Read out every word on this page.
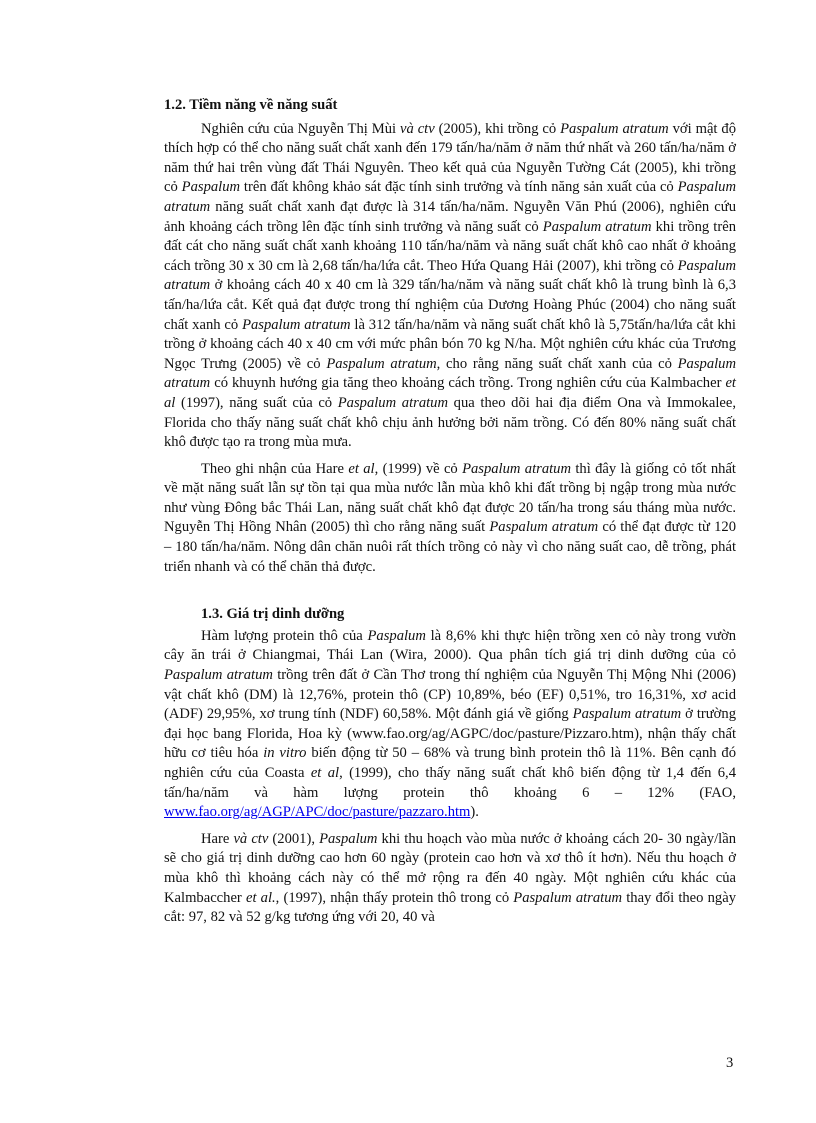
1.2. Tiềm năng về năng suất

Nghiên cứu của Nguyễn Thị Mùi và ctv (2005), khi trồng cỏ Paspalum atratum với mật độ thích hợp có thể cho năng suất chất xanh đến 179 tấn/ha/năm ở năm thứ nhất và 260 tấn/ha/năm ở năm thứ hai trên vùng đất Thái Nguyên. Theo kết quả của Nguyễn Tường Cát (2005), khi trồng cỏ Paspalum trên đất không khảo sát đặc tính sinh trưởng và tính năng sản xuất của cỏ Paspalum atratum năng suất chất xanh đạt được là 314 tấn/ha/năm. Nguyễn Văn Phú (2006), nghiên cứu ảnh khoảng cách trồng lên đặc tính sinh trưởng và năng suất cỏ Paspalum atratum khi trồng trên đất cát cho năng suất chất xanh khoảng 110 tấn/ha/năm và năng suất chất khô cao nhất ở khoảng cách trồng 30 x 30 cm là 2,68 tấn/ha/lứa cắt. Theo Hứa Quang Hải (2007), khi trồng cỏ Paspalum atratum ở khoảng cách 40 x 40 cm là 329 tấn/ha/năm và năng suất chất khô là trung bình là 6,3 tấn/ha/lứa cắt. Kết quả đạt được trong thí nghiệm của Dương Hoàng Phúc (2004) cho năng suất chất xanh cỏ Paspalum atratum là 312 tấn/ha/năm và năng suất chất khô là 5,75tấn/ha/lứa cắt khi trồng ở khoảng cách 40 x 40 cm với mức phân bón 70 kg N/ha. Một nghiên cứu khác của Trương Ngọc Trưng (2005) về cỏ Paspalum atratum, cho rằng năng suất chất xanh của cỏ Paspalum atratum có khuynh hướng gia tăng theo khoảng cách trồng. Trong nghiên cứu của Kalmbacher et al (1997), năng suất của cỏ Paspalum atratum qua theo dõi hai địa điểm Ona và Immokalee, Florida cho thấy năng suất chất khô chịu ảnh hưởng bởi năm trồng. Có đến 80% năng suất chất khô được tạo ra trong mùa mưa.

Theo ghi nhận của Hare et al, (1999) về cỏ Paspalum atratum thì đây là giống cỏ tốt nhất về mặt năng suất lẫn sự tồn tại qua mùa nước lẫn mùa khô khi đất trồng bị ngập trong mùa nước như vùng Đông bắc Thái Lan, năng suất chất khô đạt được 20 tấn/ha trong sáu tháng mùa nước. Nguyễn Thị Hồng Nhân (2005) thì cho rằng năng suất Paspalum atratum có thể đạt được từ 120 – 180 tấn/ha/năm. Nông dân chăn nuôi rất thích trồng cỏ này vì cho năng suất cao, dễ trồng, phát triển nhanh và có thể chăn thả được.

1.3. Giá trị dinh dưỡng

Hàm lượng protein thô của Paspalum là 8,6% khi thực hiện trồng xen cỏ này trong vườn cây ăn trái ở Chiangmai, Thái Lan (Wira, 2000). Qua phân tích giá trị dinh dưỡng của cỏ Paspalum atratum trồng trên đất ở Cần Thơ trong thí nghiệm của Nguyễn Thị Mộng Nhi (2006) vật chất khô (DM) là 12,76%, protein thô (CP) 10,89%, béo (EF) 0,51%, tro 16,31%, xơ acid (ADF) 29,95%, xơ trung tính (NDF) 60,58%. Một đánh giá về giống Paspalum atratum ở trường đại học bang Florida, Hoa kỳ (www.fao.org/ag/AGPC/doc/pasture/Pizzaro.htm), nhận thấy chất hữu cơ tiêu hóa in vitro biến động từ 50 – 68% và trung bình protein thô là 11%. Bên cạnh đó nghiên cứu của Coasta et al, (1999), cho thấy năng suất chất khô biến động từ 1,4 đến 6,4 tấn/ha/năm và hàm lượng protein thô khoảng 6 – 12% (FAO, www.fao.org/ag/AGP/APC/doc/pasture/pazzaro.htm).

Hare và ctv (2001), Paspalum khi thu hoạch vào mùa nước ở khoảng cách 20- 30 ngày/lần sẽ cho giá trị dinh dưỡng cao hơn 60 ngày (protein cao hơn và xơ thô ít hơn). Nếu thu hoạch ở mùa khô thì khoảng cách này có thể mở rộng ra đến 40 ngày. Một nghiên cứu khác của Kalmbaccher et al., (1997), nhận thấy protein thô trong cỏ Paspalum atratum thay đổi theo ngày cắt: 97, 82 và 52 g/kg tương ứng với 20, 40 và

3
